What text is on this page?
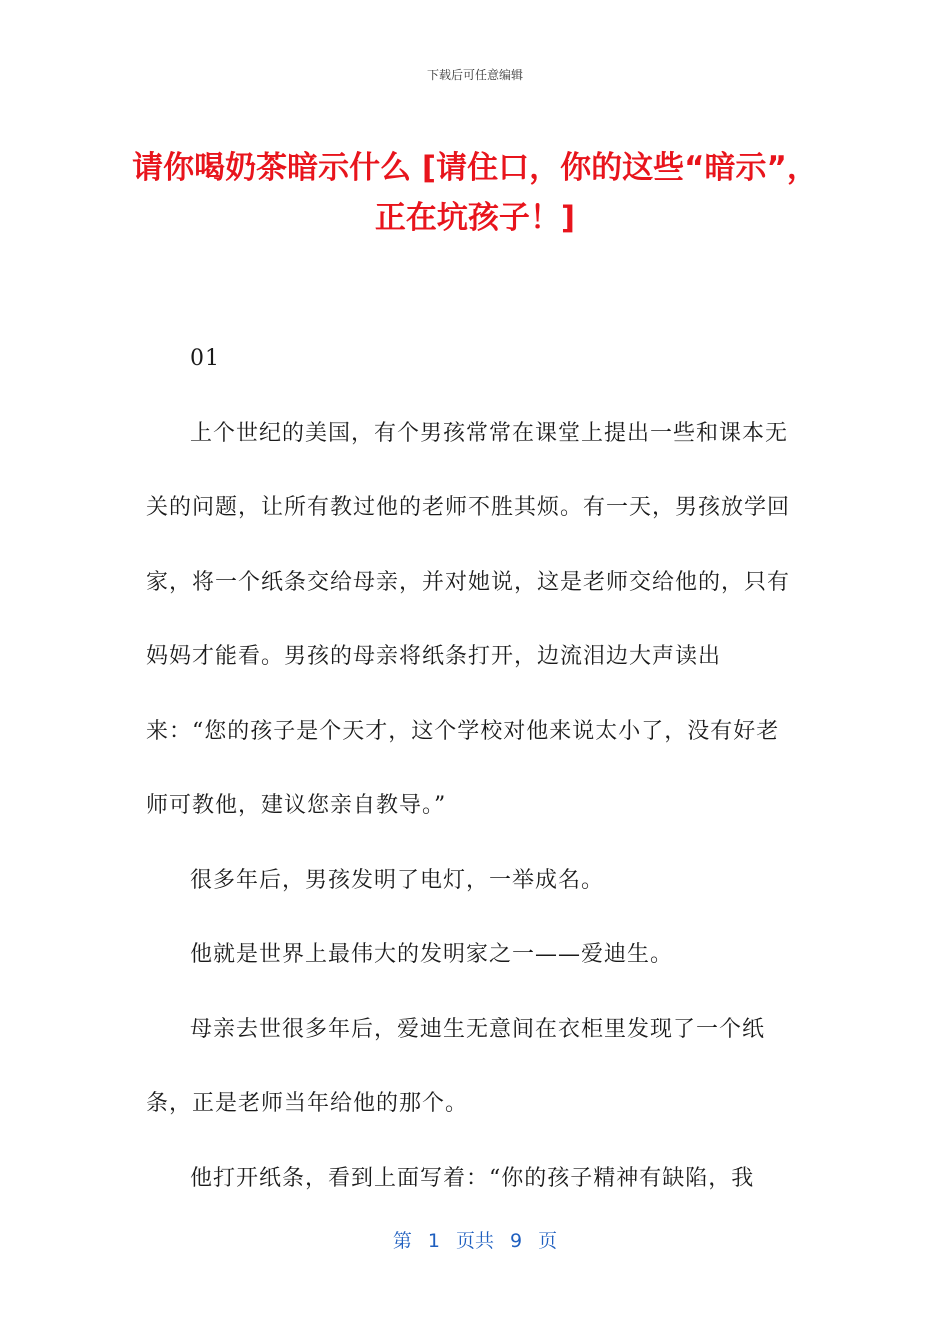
下载后可任意编辑
请你喝奶茶暗示什么 [请住口，你的这些“暗示”，正在坑孩子！]

01

上个世纪的美国，有个男孩常常在课堂上提出一些和课本无关的问题，让所有教过他的老师不胜其烦。有一天，男孩放学回家，将一个纸条交给母亲，并对她说，这是老师交给他的，只有妈妈才能看。男孩的母亲将纸条打开，边流泪边大声读出来：“您的孩子是个天才，这个学校对他来说太小了，没有好老师可教他，建议您亲自教导。”

很多年后，男孩发明了电灯，一举成名。

他就是世界上最伟大的发明家之一——爱迪生。

母亲去世很多年后，爱迪生无意间在衣柜里发现了一个纸条，正是老师当年给他的那个。

他打开纸条，看到上面写着：“你的孩子精神有缺陷，我

第 1 页共 9 页
